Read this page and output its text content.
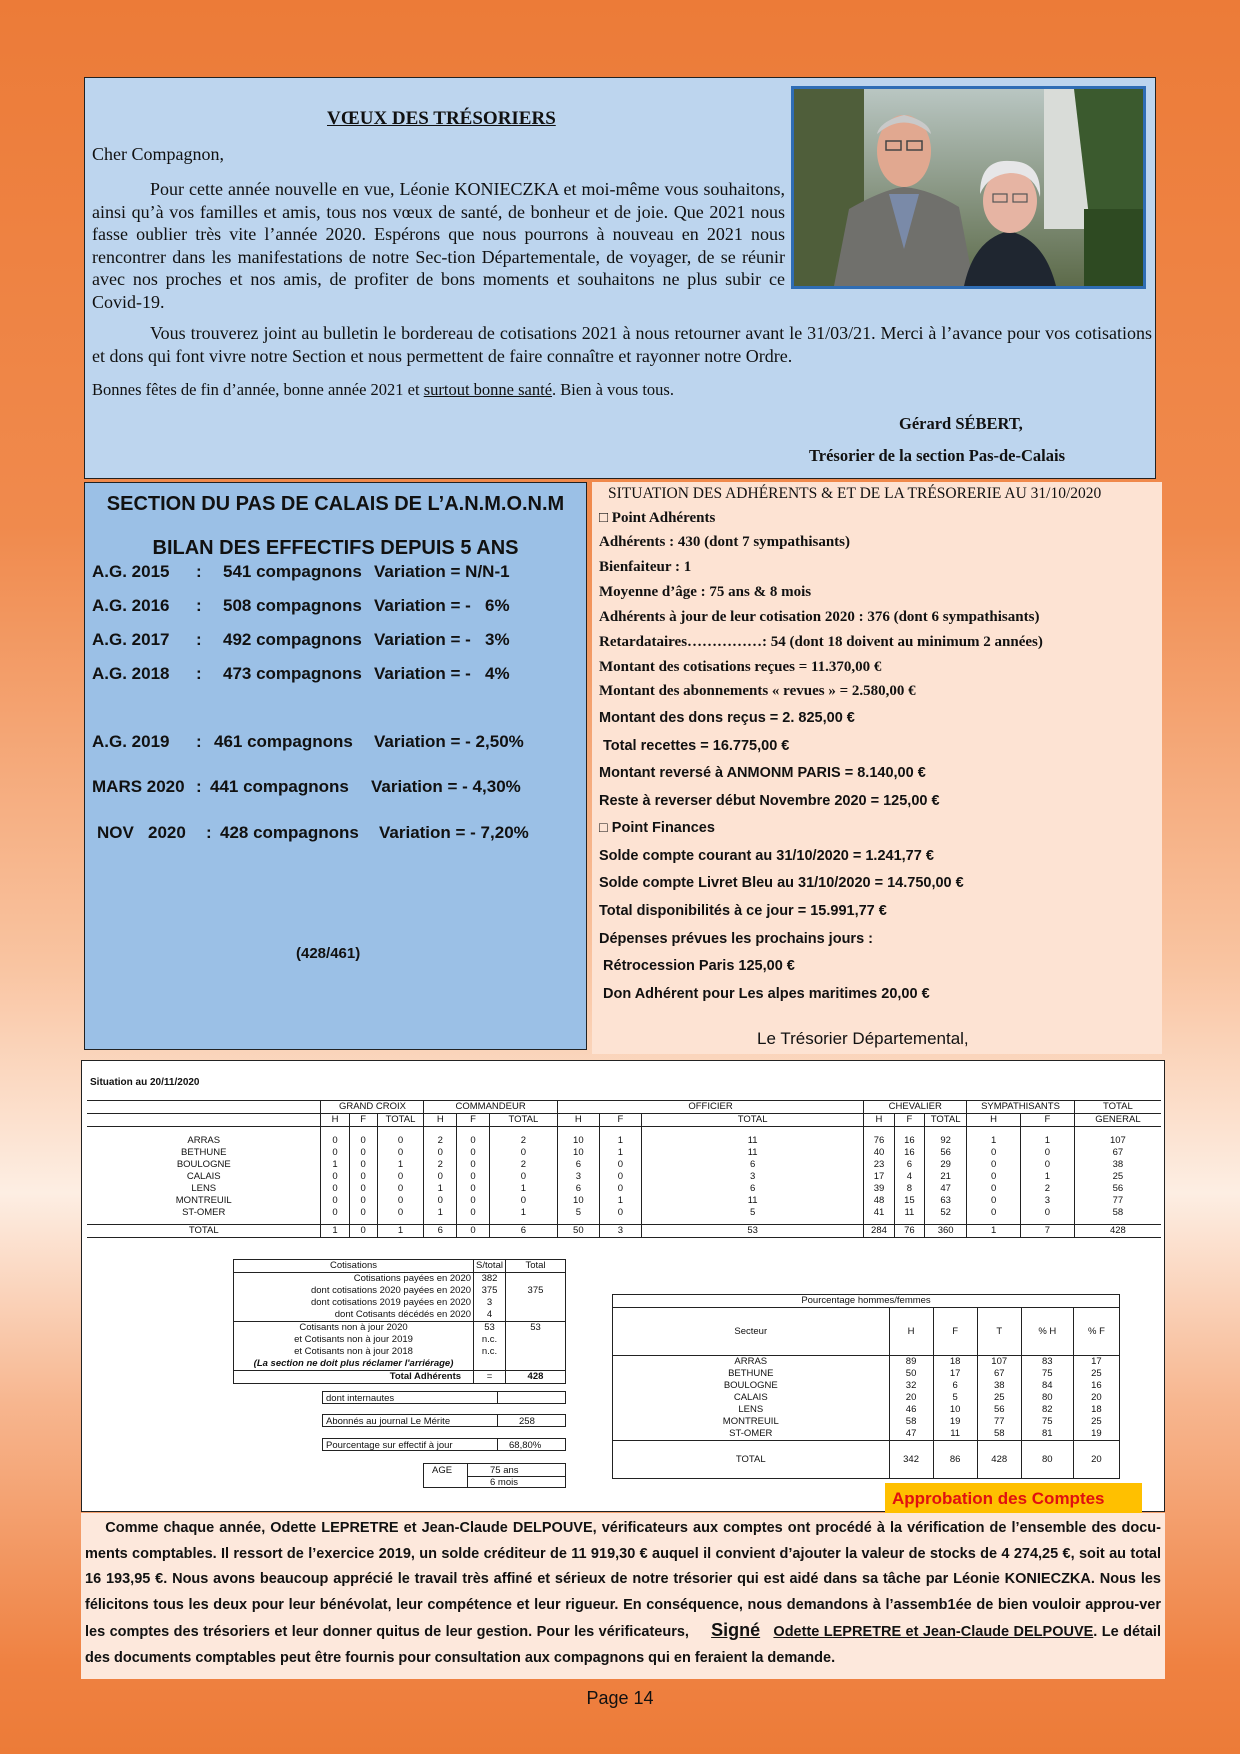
VŒUX DES TRÉSORIERS
Cher Compagnon,
Pour cette année nouvelle en vue, Léonie KONIECZKA et moi-même vous souhaitons, ainsi qu’à vos familles et amis, tous nos vœux de santé, de bonheur et de joie. Que 2021 nous fasse oublier très vite l’année 2020. Espérons que nous pourrons à nouveau en 2021 nous rencontrer dans les manifestations de notre Sec-tion Départementale, de voyager, de se réunir avec nos proches et nos amis, de profiter de bons moments et souhaitons ne plus subir ce Covid-19.
Vous trouverez joint au bulletin le bordereau de cotisations 2021 à nous retourner avant le 31/03/21. Merci à l’avance pour vos cotisations et dons qui font vivre notre Section et nous permettent de faire connaître et rayonner notre Ordre.
Bonnes fêtes de fin d’année, bonne année 2021 et surtout bonne santé. Bien à vous tous.
Gérard SÉBERT,
Trésorier de la section Pas-de-Calais
SECTION DU PAS DE CALAIS DE L’A.N.M.O.N.M
BILAN DES EFFECTIFS DEPUIS 5 ANS
(428/461)
A.G. 2015 : 541 compagnons Variation = N/N-1
A.G. 2016 : 508 compagnons Variation = -   6%
A.G. 2017 : 492 compagnons Variation = -   3%
A.G. 2018 : 473 compagnons Variation = -   4%
A.G. 2019 : 461 compagnons Variation = - 2,50%
MARS 2020 : 441 compagnons Variation = - 4,30%
NOV   2020 : 428 compagnons Variation = - 7,20%
SITUATION DES ADHÉRENTS & ET DE LA TRÉSORERIE AU 31/10/2020
Le Trésorier Départemental,
□ Point Adhérents
Adhérents : 430 (dont 7 sympathisants)
Bienfaiteur : 1
Moyenne d’âge : 75 ans & 8 mois
Adhérents à jour de leur cotisation 2020 : 376 (dont 6 sympathisants)
Retardataires……………: 54 (dont 18 doivent au minimum 2 années)
Montant des cotisations reçues = 11.370,00 €
Montant des abonnements « revues » = 2.580,00 €
Montant des dons reçus = 2. 825,00 €
Total recettes = 16.775,00 €
Montant reversé à ANMONM PARIS = 8.140,00 €
Reste à reverser début Novembre 2020 = 125,00 €
□ Point Finances
Solde compte courant au 31/10/2020 = 1.241,77 €
Solde compte Livret Bleu au 31/10/2020 = 14.750,00 €
Total disponibilités à ce jour = 15.991,77 €
Dépenses prévues les prochains jours :
Rétrocession Paris 125,00 €
Don Adhérent pour Les alpes maritimes 20,00 €
Situation au 20/11/2020
	GRAND CROIX			COMMANDEUR			OFFICIER			CHEVALIER			SYMPATHISANTS		TOTAL
	H	F	TOTAL	H	F	TOTAL	H	F	TOTAL	H	F	TOTAL	H	F	GENERAL

ARRAS	0	0	0	2	0	2	10	1	11	76	16	92	1	1	107
BETHUNE	0	0	0	0	0	0	10	1	11	40	16	56	0	0	67
BOULOGNE	1	0	1	2	0	2	6	0	6	23	6	29	0	0	38
CALAIS	0	0	0	0	0	0	3	0	3	17	4	21	0	1	25
LENS	0	0	0	1	0	1	6	0	6	39	8	47	0	2	56
MONTREUIL	0	0	0	0	0	0	10	1	11	48	15	63	0	3	77
ST-OMER	0	0	0	1	0	1	5	0	5	41	11	52	0	0	58

TOTAL	1	0	1	6	0	6	50	3	53	284	76	360	1	7	428
Cotisations	S/total	Total
Cotisations payées en 2020	382	
dont cotisations 2020 payées en 2020	375	375
dont cotisations 2019 payées en 2020	3	
dont Cotisants décédés en 2020	4	
Cotisants non à jour 2020	53	53
et Cotisants non à jour 2019	n.c.	
et Cotisants non à jour 2018	n.c.	
(La section ne doit plus réclamer l'arriérage)		
Total Adhérents	=	428
dont internautes
Abonnés au journal Le Mérite	258
Pourcentage sur effectif à jour	68,80%
AGE	75 ans
6 mois
Pourcentage hommes/femmes					
Secteur	H	F	T	% H	% F
ARRAS	89	18	107	83	17
BETHUNE	50	17	67	75	25
BOULOGNE	32	6	38	84	16
CALAIS	20	5	25	80	20
LENS	46	10	56	82	18
MONTREUIL	58	19	77	75	25
ST-OMER	47	11	58	81	19
TOTAL	342	86	428	80	20
Approbation des Comptes
Comme chaque année, Odette LEPRETRE et Jean-Claude DELPOUVE, vérificateurs aux comptes ont procédé à la vérification de l’ensemble des docu-ments comptables. Il ressort de l’exercice 2019, un solde créditeur de 11 919,30 € auquel il convient d’ajouter la valeur de stocks de 4 274,25 €, soit au total 16 193,95 €. Nous avons beaucoup apprécié le travail très affiné et sérieux de notre trésorier qui est aidé dans sa tâche par Léonie KONIECZKA. Nous les félicitons tous les deux pour leur bénévolat, leur compétence et leur rigueur. En conséquence, nous demandons à l’assemb1ée de bien vouloir approu-ver les comptes des trésoriers et leur donner quitus de leur gestion. Pour les vérificateurs, Signé Odette LEPRETRE et Jean-Claude DELPOUVE. Le détail des documents comptables peut être fournis pour consultation aux compagnons qui en feraient la demande.
Page 14
